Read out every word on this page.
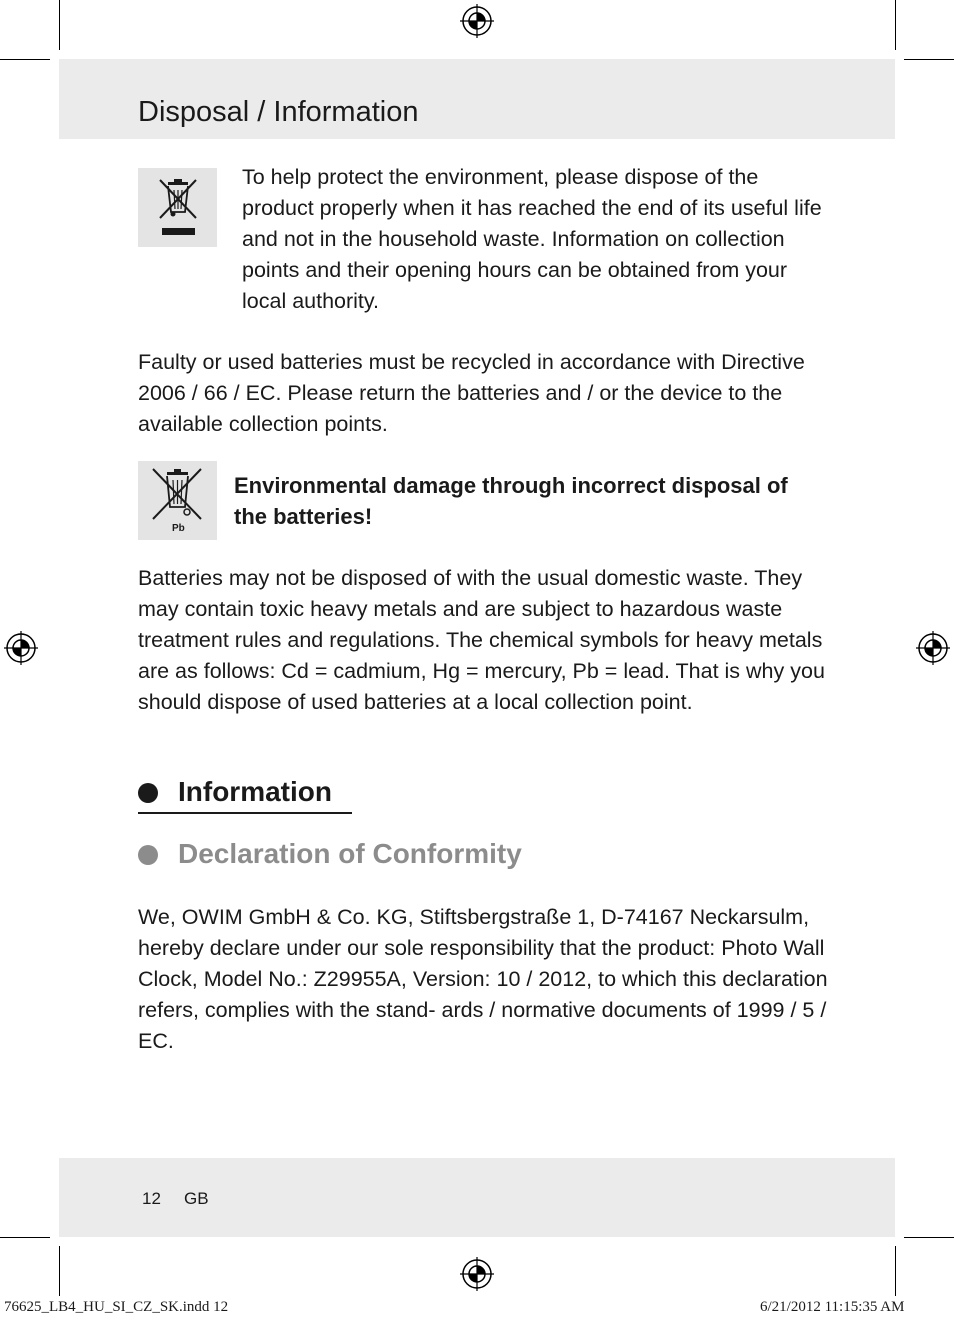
Disposal / Information
To help protect the environment, please dispose of the product properly when it has reached the end of its useful life and not in the household waste. Information on collection points and their opening hours can be obtained from your local authority.
Faulty or used batteries must be recycled in accordance with Directive 2006 / 66 / EC. Please return the batteries and / or the device to the available collection points.
Pb
Environmental damage through incorrect disposal of the batteries!
Batteries may not be disposed of with the usual domestic waste. They may contain toxic heavy metals and are subject to hazardous waste treatment rules and regulations. The chemical symbols for heavy metals are as follows: Cd = cadmium, Hg = mercury, Pb = lead. That is why you should dispose of used batteries at a local collection point.
Information
Declaration of Conformity
We, OWIM GmbH & Co. KG, Stiftsbergstraße 1, D-74167 Neckarsulm, hereby declare under our sole responsibility that the product: Photo Wall Clock, Model No.: Z29955A, Version: 10 / 2012, to which this declaration refers, complies with the stand- ards / normative documents of 1999 / 5 / EC.
12 GB
76625_LB4_HU_SI_CZ_SK.indd 12	6/21/2012 11:15:35 AM
